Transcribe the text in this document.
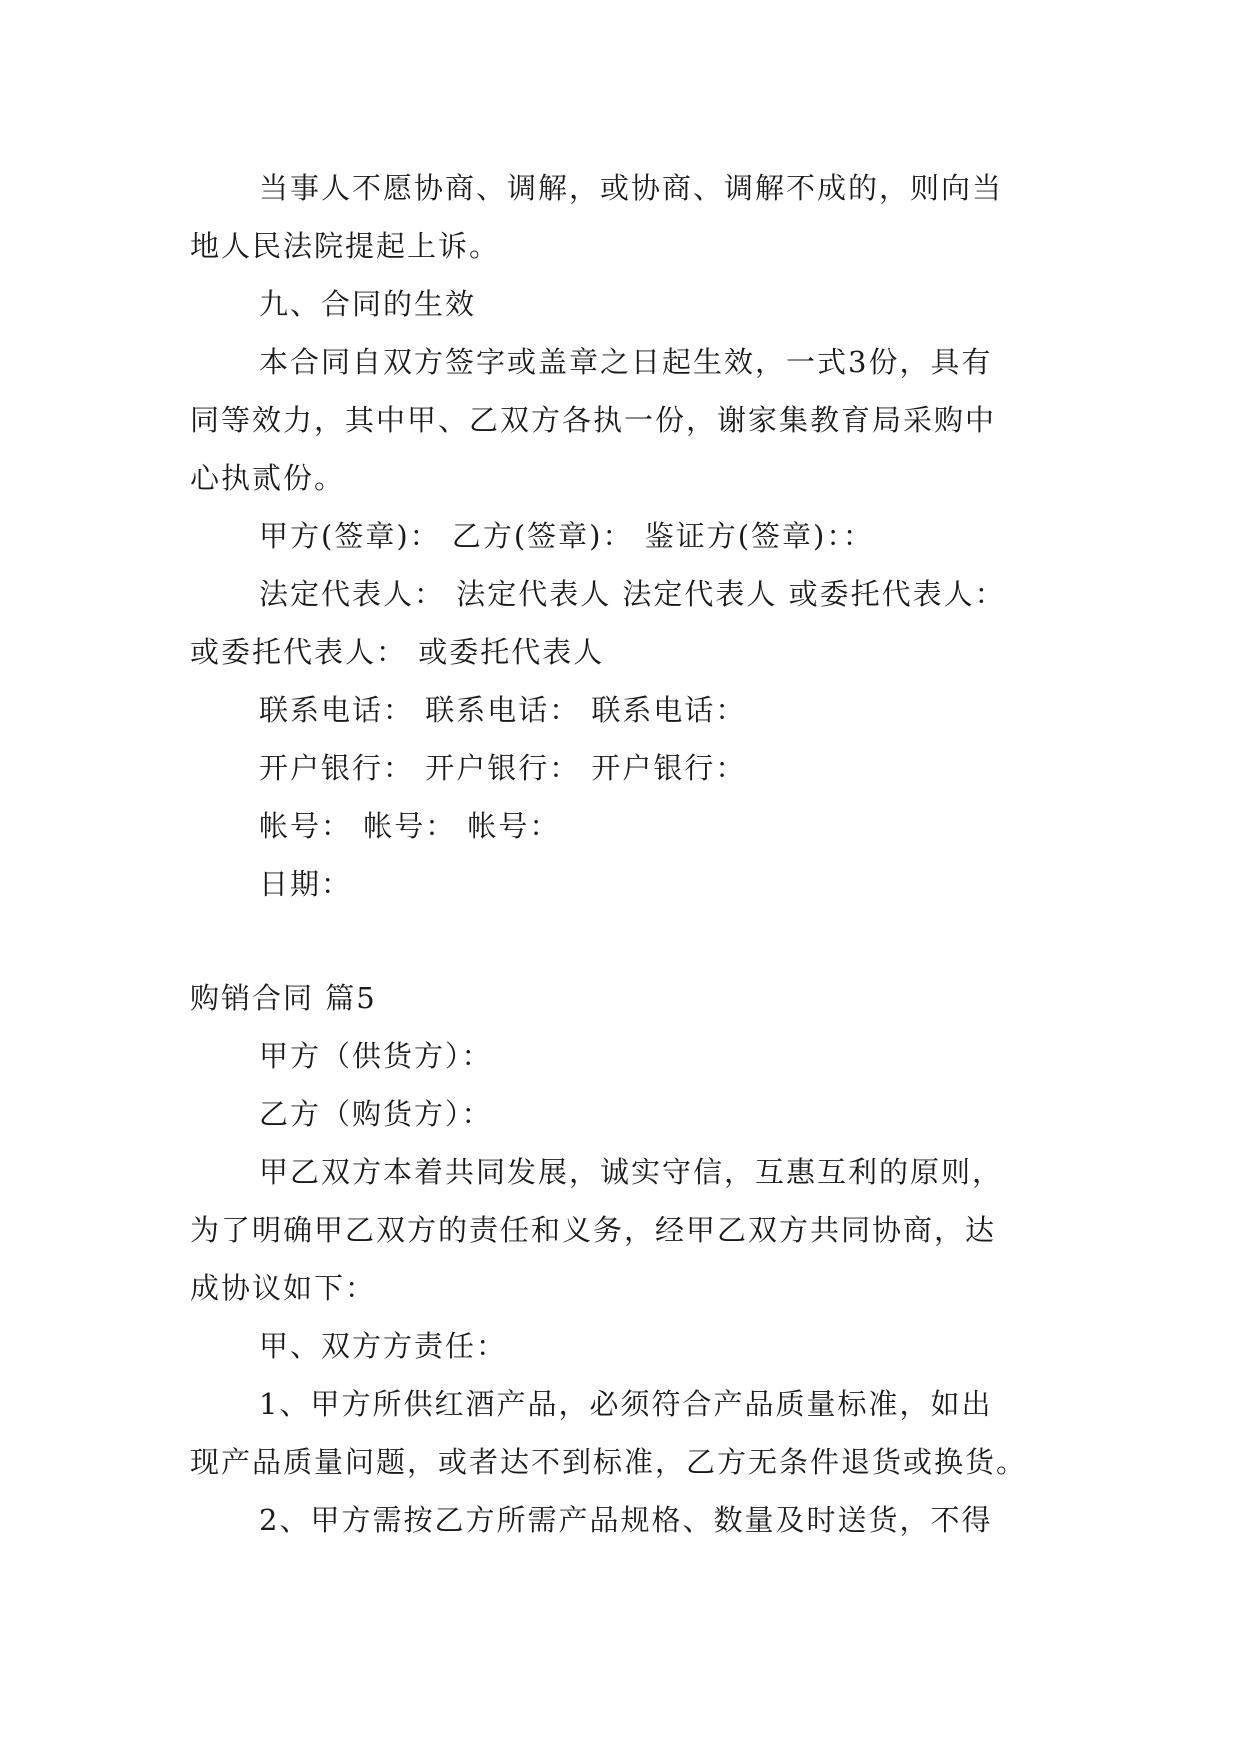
当事人不愿协商、调解，或协商、调解不成的，则向当
地人民法院提起上诉。
九、合同的生效
本合同自双方签字或盖章之日起生效，一式3份，具有
同等效力，其中甲、乙双方各执一份，谢家集教育局采购中
心执贰份。
甲方(签章)： 乙方(签章)： 鉴证方(签章)：：
法定代表人： 法定代表人 法定代表人 或委托代表人：
或委托代表人： 或委托代表人
联系电话： 联系电话： 联系电话：
开户银行： 开户银行： 开户银行：
帐号： 帐号： 帐号：
日期：
购销合同 篇5
甲方（供货方）：
乙方（购货方）：
甲乙双方本着共同发展，诚实守信，互惠互利的原则，
为了明确甲乙双方的责任和义务，经甲乙双方共同协商，达
成协议如下：
甲、双方方责任：
1、甲方所供红酒产品，必须符合产品质量标准，如出
现产品质量问题，或者达不到标准，乙方无条件退货或换货。
2、甲方需按乙方所需产品规格、数量及时送货，不得
